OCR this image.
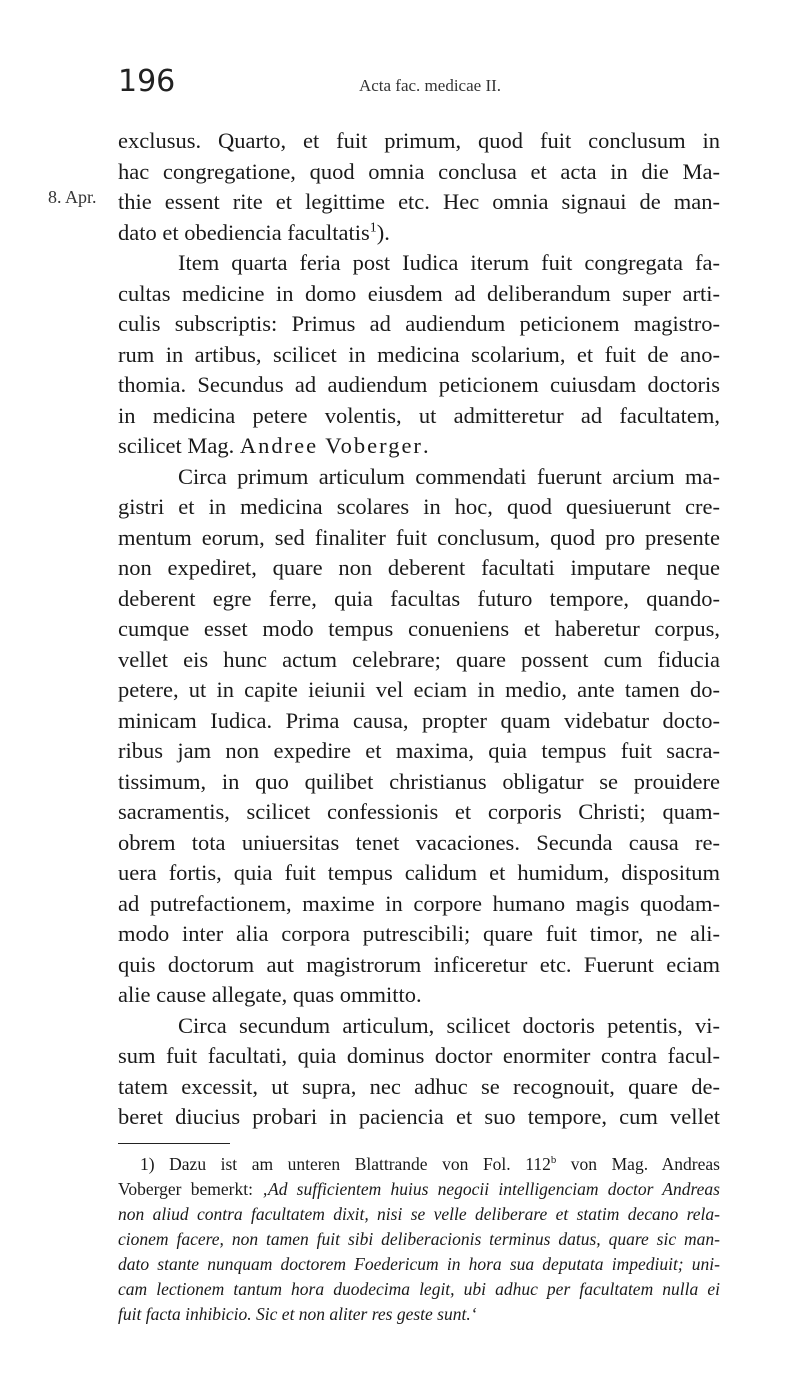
196	Acta fac. medicae II.
8. Apr.
exclusus. Quarto, et fuit primum, quod fuit conclusum in
hac congregatione, quod omnia conclusa et acta in die Ma-
thie essent rite et legittime etc. Hec omnia signaui de man-
dato et obediencia facultatis$^1$).
Item quarta feria post Iudica iterum fuit congregata fa-
cultas medicine in domo eiusdem ad deliberandum super arti-
culis subscriptis: Primus ad audiendum peticionem magistro-
rum in artibus, scilicet in medicina scolarium, et fuit de ano-
thomia. Secundus ad audiendum peticionem cuiusdam doctoris
in medicina petere volentis, ut admitteretur ad facultatem,
scilicet Mag. Andree Voberger.
Circa primum articulum commendati fuerunt arcium ma-
gistri et in medicina scolares in hoc, quod quesiuerunt cre-
mentum eorum, sed finaliter fuit conclusum, quod pro presente
non expediret, quare non deberent facultati imputare neque
deberent egre ferre, quia facultas futuro tempore, quando-
cumque esset modo tempus conueniens et haberetur corpus,
vellet eis hunc actum celebrare; quare possent cum fiducia
petere, ut in capite ieiunii vel eciam in medio, ante tamen do-
minicam Iudica. Prima causa, propter quam videbatur docto-
ribus jam non expedire et maxima, quia tempus fuit sacra-
tissimum, in quo quilibet christianus obligatur se prouidere
sacramentis, scilicet confessionis et corporis Christi; quam-
obrem tota uniuersitas tenet vacaciones. Secunda causa re-
uera fortis, quia fuit tempus calidum et humidum, dispositum
ad putrefactionem, maxime in corpore humano magis quodam-
modo inter alia corpora putrescibili; quare fuit timor, ne ali-
quis doctorum aut magistrorum inficeretur etc. Fuerunt eciam
alie cause allegate, quas ommitto.
Circa secundum articulum, scilicet doctoris petentis, vi-
sum fuit facultati, quia dominus doctor enormiter contra facul-
tatem excessit, ut supra, nec adhuc se recognouit, quare de-
beret diucius probari in paciencia et suo tempore, cum vellet
1) Dazu ist am unteren Blattrande von Fol. 112$^b$ von Mag. Andreas
Voberger bemerkt: ‚Ad sufficientem huius negocii intelligenciam doctor Andreas
non aliud contra facultatem dixit, nisi se velle deliberare et statim decano rela-
cionem facere, non tamen fuit sibi deliberacionis terminus datus, quare sic man-
dato stante nunquam doctorem Foedericum in hora sua deputata impediuit; uni-
cam lectionem tantum hora duodecima legit, ubi adhuc per facultatem nulla ei
fuit facta inhibicio. Sic et non aliter res geste sunt.‘
